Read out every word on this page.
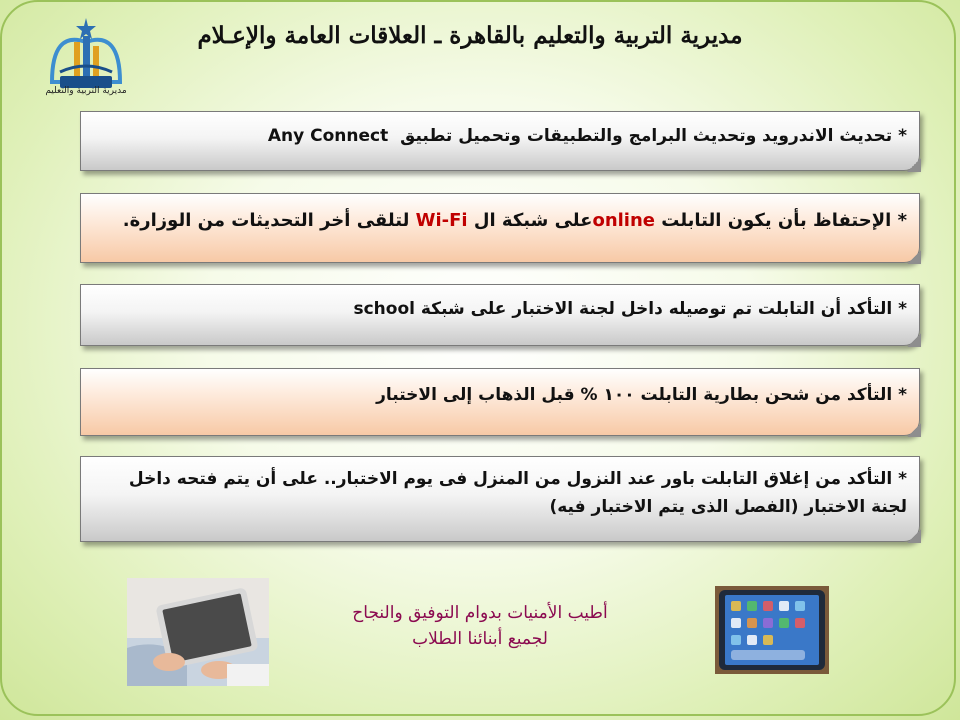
مديرية التربية والتعليم
مديرية التربية والتعليم بالقاهرة ـ العلاقات العامة والإعـلام
* تحديث الاندرويد وتحديث البرامج والتطبيقات وتحميل تطبيق Any Connect
* الإحتفاظ بأن يكون التابلت onlineعلى شبكة ال Wi-Fi لتلقى أخر التحديثات من الوزارة.
* التأكد أن التابلت تم توصيله داخل لجنة الاختبار على شبكة school
* التأكد من شحن بطارية التابلت ١٠٠ % قبل الذهاب إلى الاختبار
* التأكد من إغلاق التابلت باور عند النزول من المنزل فى يوم الاختبار.. على أن يتم فتحه داخل
لجنة الاختبار (الفصل الذى يتم الاختبار فيه)
أطيب الأمنيات بدوام التوفيق والنجاح
لجميع أبنائنا الطلاب
